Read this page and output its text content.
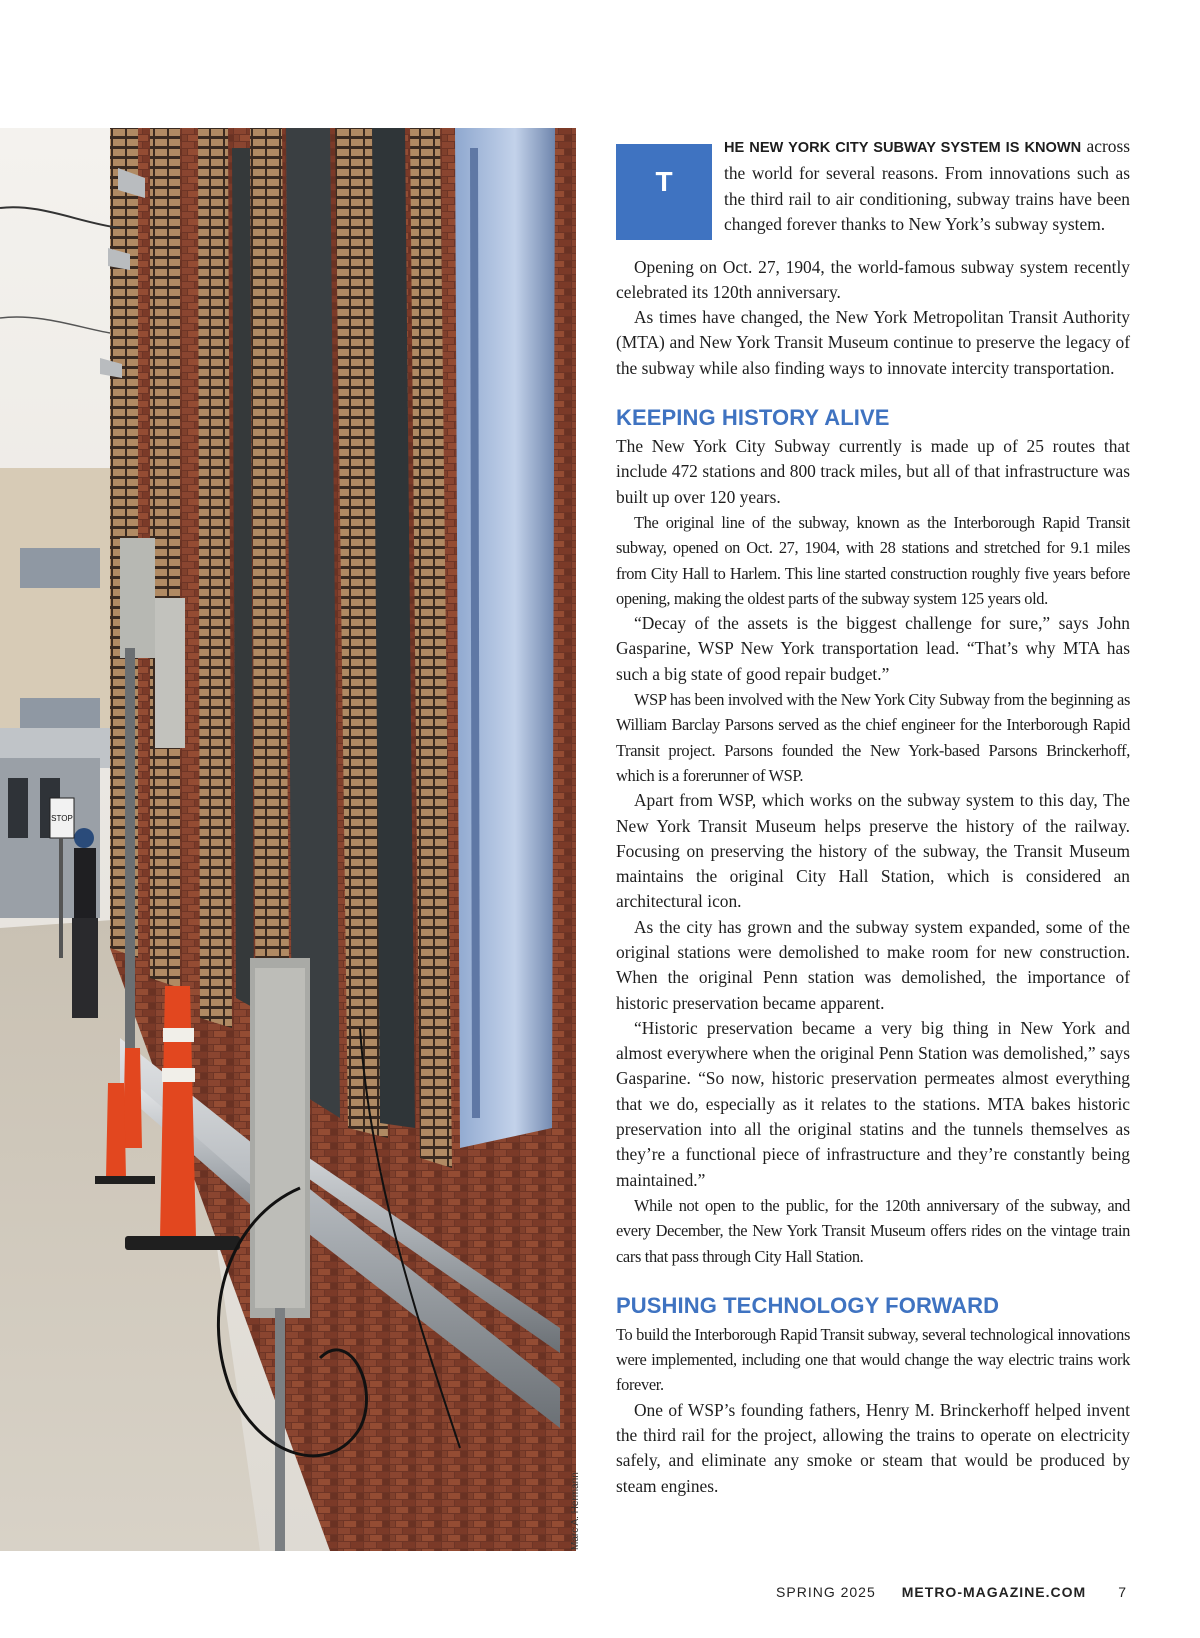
STOP
Marc A. Hermann
T

HE NEW YORK CITY SUBWAY SYSTEM IS KNOWN across the world for several reasons. From innovations such as the third rail to air conditioning, subway trains have been changed forever thanks to New York’s subway system.

Opening on Oct. 27, 1904, the world-famous subway system recently celebrated its 120th anniversary.

As times have changed, the New York Metropolitan Transit Authority (MTA) and New York Transit Museum continue to preserve the legacy of the subway while also finding ways to innovate intercity transportation.

KEEPING HISTORY ALIVE

The New York City Subway currently is made up of 25 routes that include 472 stations and 800 track miles, but all of that infrastructure was built up over 120 years.

The original line of the subway, known as the Interborough Rapid Transit subway, opened on Oct. 27, 1904, with 28 stations and stretched for 9.1 miles from City Hall to Harlem. This line started construction roughly five years before opening, making the oldest parts of the subway system 125 years old.

“Decay of the assets is the biggest challenge for sure,” says John Gasparine, WSP New York transportation lead. “That’s why MTA has such a big state of good repair budget.”

WSP has been involved with the New York City Subway from the beginning as William Barclay Parsons served as the chief engineer for the Interborough Rapid Transit project. Parsons founded the New York-based Parsons Brinckerhoff, which is a forerunner of WSP.

Apart from WSP, which works on the subway system to this day, The New York Transit Museum helps preserve the history of the railway. Focusing on preserving the history of the subway, the Transit Museum maintains the original City Hall Station, which is considered an architectural icon.

As the city has grown and the subway system expanded, some of the original stations were demolished to make room for new construction. When the original Penn station was demolished, the importance of historic preservation became apparent.

“Historic preservation became a very big thing in New York and almost everywhere when the original Penn Station was demolished,” says Gasparine. “So now, historic preservation permeates almost everything that we do, especially as it relates to the stations. MTA bakes historic preservation into all the original statins and the tunnels themselves as they’re a functional piece of infrastructure and they’re constantly being maintained.”

While not open to the public, for the 120th anniversary of the subway, and every December, the New York Transit Museum offers rides on the vintage train cars that pass through City Hall Station.

PUSHING TECHNOLOGY FORWARD

To build the Interborough Rapid Transit subway, several technological innovations were implemented, including one that would change the way electric trains work forever.

One of WSP’s founding fathers, Henry M. Brinckerhoff helped invent the third rail for the project, allowing the trains to operate on electricity safely, and eliminate any smoke or steam that would be produced by steam engines.

SPRING 2025 METRO-MAGAZINE.COM 7
